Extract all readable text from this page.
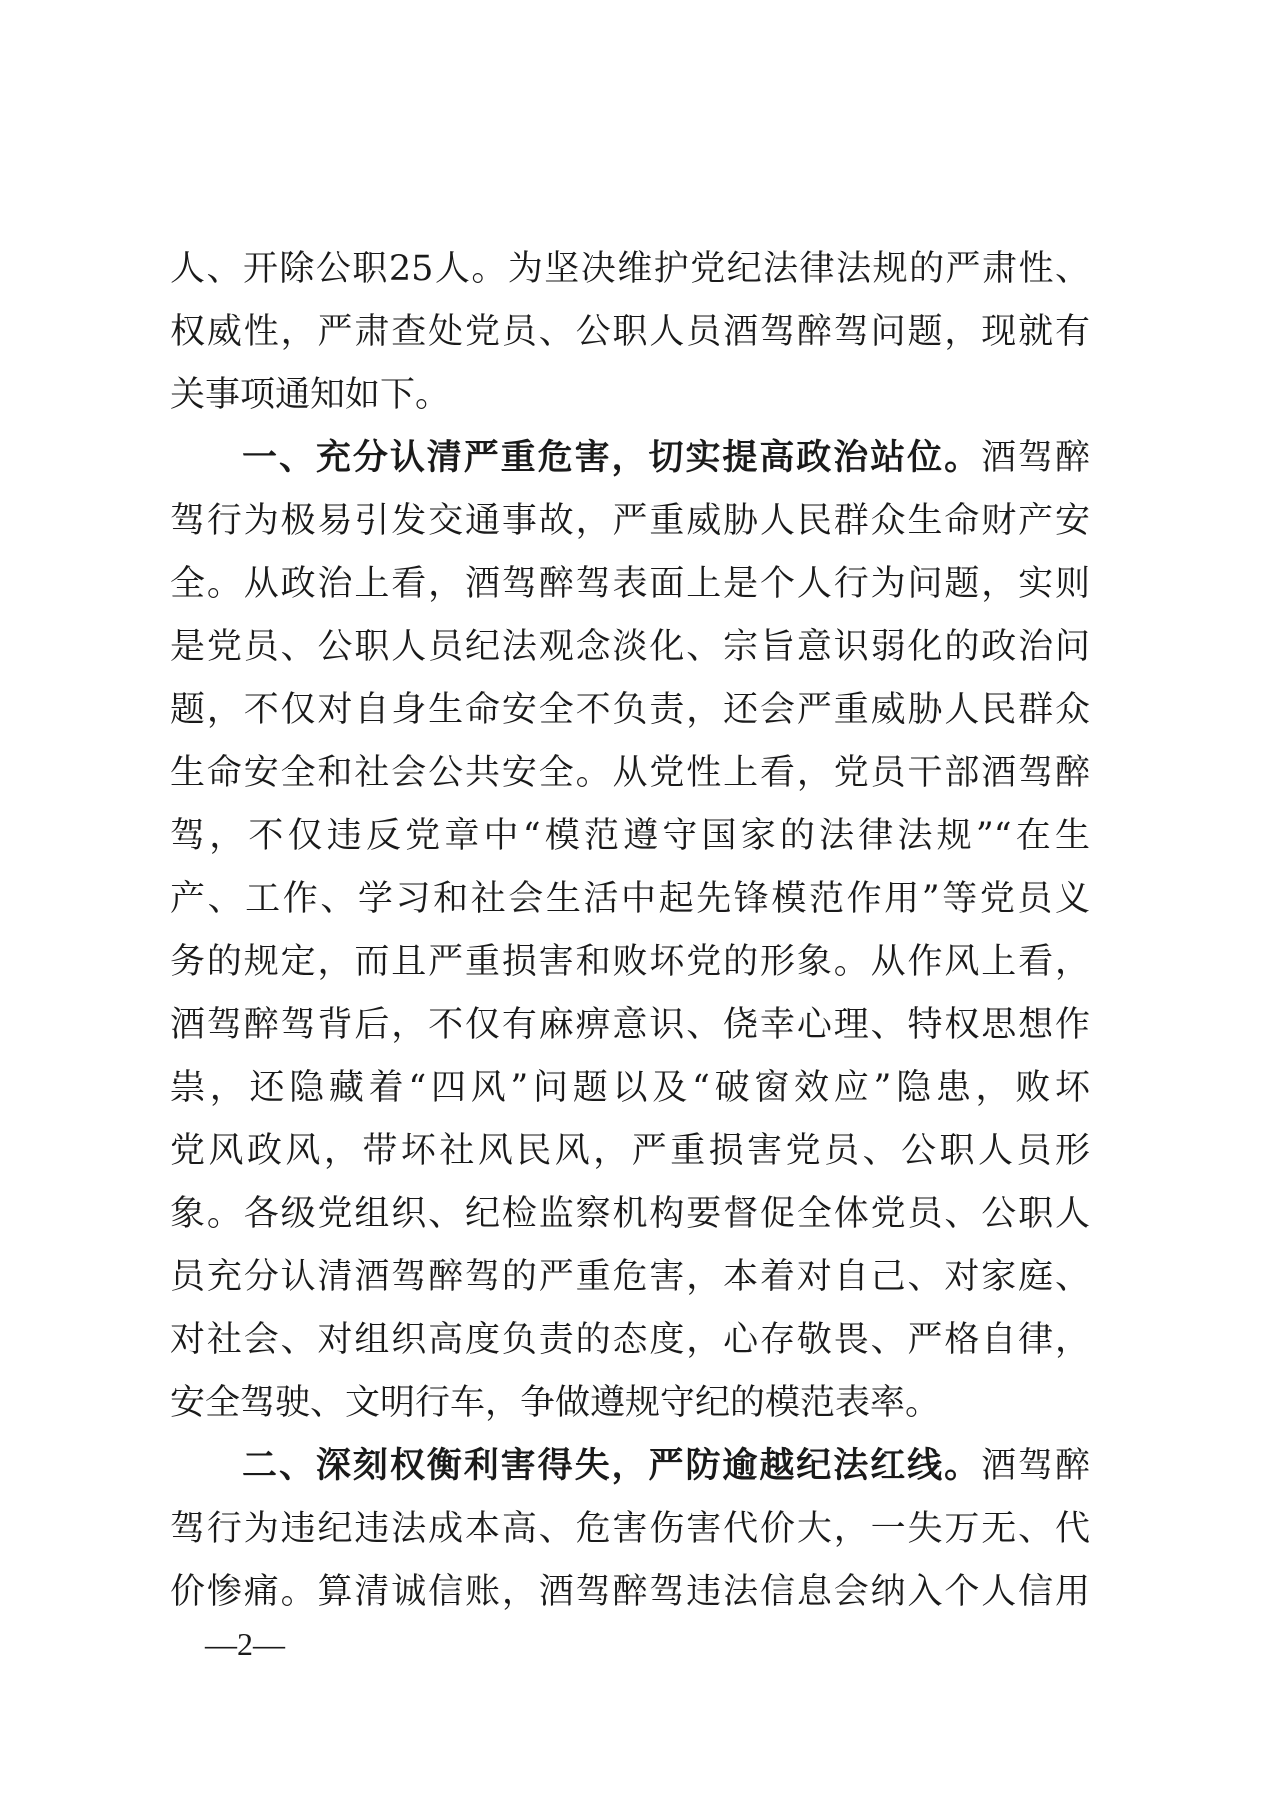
人、开除公职25人。为坚决维护党纪法律法规的严肃性、
权威性，严肃查处党员、公职人员酒驾醉驾问题，现就有
关事项通知如下。
一、充分认清严重危害，切实提高政治站位。酒驾醉
驾行为极易引发交通事故，严重威胁人民群众生命财产安
全。从政治上看，酒驾醉驾表面上是个人行为问题，实则
是党员、公职人员纪法观念淡化、宗旨意识弱化的政治问
题，不仅对自身生命安全不负责，还会严重威胁人民群众
生命安全和社会公共安全。从党性上看，党员干部酒驾醉
驾，不仅违反党章中“模范遵守国家的法律法规”“在生
产、工作、学习和社会生活中起先锋模范作用”等党员义
务的规定，而且严重损害和败坏党的形象。从作风上看，
酒驾醉驾背后，不仅有麻痹意识、侥幸心理、特权思想作
祟，还隐藏着“四风”问题以及“破窗效应”隐患，败坏
党风政风，带坏社风民风，严重损害党员、公职人员形
象。各级党组织、纪检监察机构要督促全体党员、公职人
员充分认清酒驾醉驾的严重危害，本着对自己、对家庭、
对社会、对组织高度负责的态度，心存敬畏、严格自律，
安全驾驶、文明行车，争做遵规守纪的模范表率。
二、深刻权衡利害得失，严防逾越纪法红线。酒驾醉
驾行为违纪违法成本高、危害伤害代价大，一失万无、代
价惨痛。算清诚信账，酒驾醉驾违法信息会纳入个人信用
—2—
